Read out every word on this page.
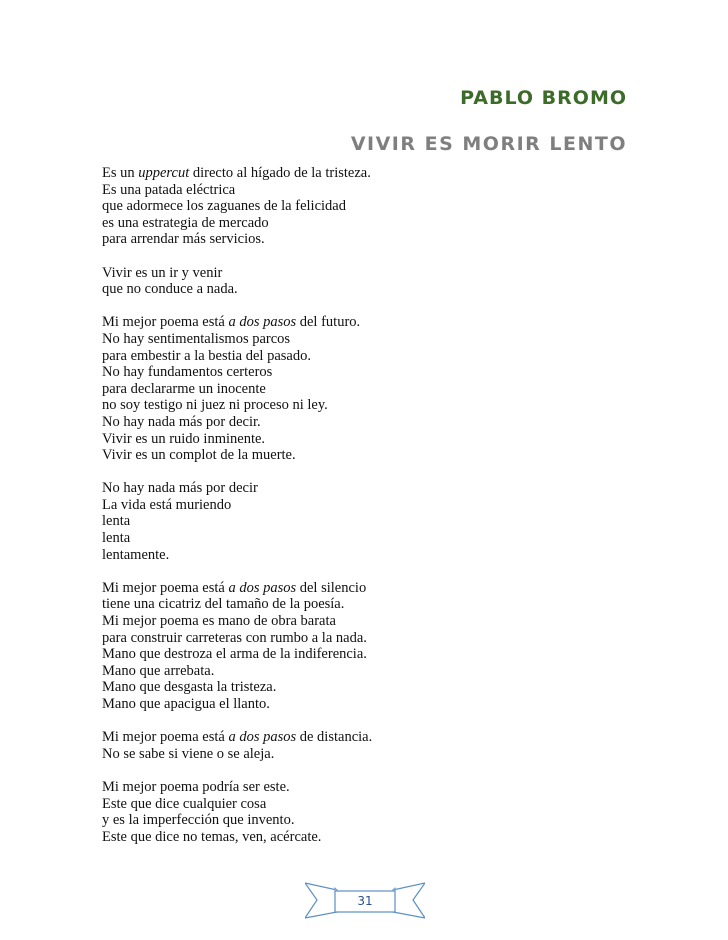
PABLO BROMO
VIVIR ES MORIR LENTO
Es un uppercut directo al hígado de la tristeza.
Es una patada eléctrica
que adormece los zaguanes de la felicidad
es una estrategia de mercado
para arrendar más servicios.
Vivir es un ir y venir
que no conduce a nada.
Mi mejor poema está a dos pasos del futuro.
No hay sentimentalismos parcos
para embestir a la bestia del pasado.
No hay fundamentos certeros
para declararme un inocente
no soy testigo ni juez ni proceso ni ley.
No hay nada más por decir.
Vivir es un ruido inminente.
Vivir es un complot de la muerte.
No hay nada más por decir
La vida está muriendo
lenta
lenta
lentamente.
Mi mejor poema está a dos pasos del silencio
tiene una cicatriz del tamaño de la poesía.
Mi mejor poema es mano de obra barata
para construir carreteras con rumbo a la nada.
Mano que destroza el arma de la indiferencia.
Mano que arrebata.
Mano que desgasta la tristeza.
Mano que apacigua el llanto.
Mi mejor poema está a dos pasos de distancia.
No se sabe si viene o se aleja.
Mi mejor poema podría ser este.
Este que dice cualquier cosa
y es la imperfección que invento.
Este que dice no temas, ven, acércate.
31
